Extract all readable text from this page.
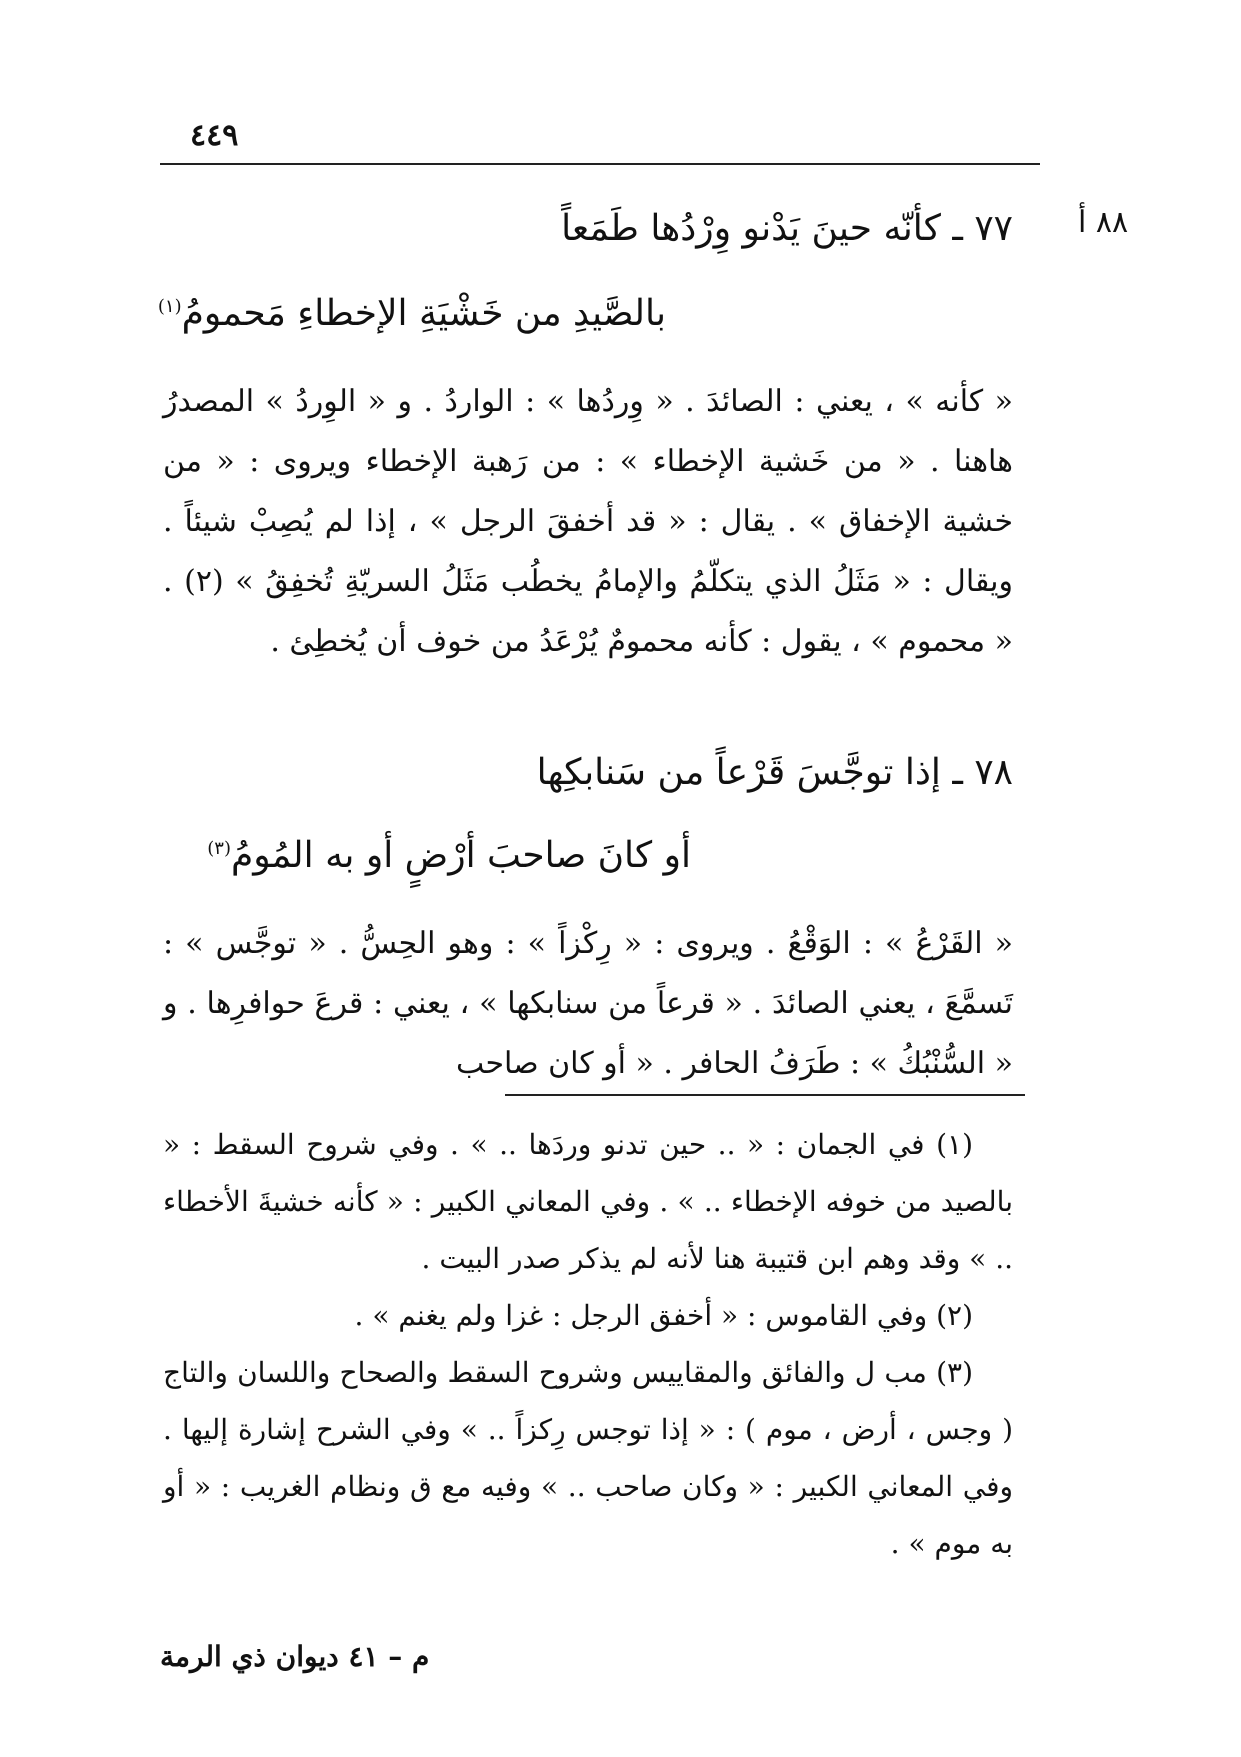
٤٤٩
٨٨ أ
٧٧ ـ كأنّه حينَ يَدْنو وِرْدُها طَمَعاً
بالصَّيدِ من خَشْيَةِ الإخطاءِ مَحمومُ$^{(١)}$
« كأنه » ، يعني : الصائدَ . « وِردُها » : الواردُ . و « الوِردُ » المصدرُ هاهنا . « من خَشية الإخطاء » : من رَهبة الإخطاء ويروى : « من خشية الإخفاق » . يقال : « قد أخفقَ الرجل » ، إذا لم يُصِبْ شيئاً . ويقال : « مَثَلُ الذي يتكلّمُ والإمامُ يخطُب مَثَلُ السريّةِ تُخفِقُ » (٢) . « محموم » ، يقول : كأنه محمومٌ يُرْعَدُ من خوف أن يُخطِئ .
٧٨ ـ إذا توجَّسَ قَرْعاً من سَنابكِها
أو كانَ صاحبَ أرْضٍ أو به المُومُ$^{(٣)}$
« القَرْعُ » : الوَقْعُ . ويروى : « رِكْزاً » : وهو الحِسُّ . « توجَّس » : تَسمَّعَ ، يعني الصائدَ . « قرعاً من سنابكها » ، يعني : قرعَ حوافرِها . و « السُّنْبُكُ » : طَرَفُ الحافر . « أو كان صاحب

(١) في الجمان : « .. حين تدنو وردَها .. » . وفي شروح السقط : « بالصيد من خوفه الإخطاء .. » . وفي المعاني الكبير : « كأنه خشيةَ الأخطاء .. » وقد وهم ابن قتيبة هنا لأنه لم يذكر صدر البيت .

(٢) وفي القاموس : « أخفق الرجل : غزا ولم يغنم » .

(٣) مب ل والفائق والمقاييس وشروح السقط والصحاح واللسان والتاج ( وجس ، أرض ، موم ) : « إذا توجس رِكزاً .. » وفي الشرح إشارة إليها . وفي المعاني الكبير : « وكان صاحب .. » وفيه مع ق ونظام الغريب : « أو به موم » .

م – ٤١ ديوان ذي الرمة
